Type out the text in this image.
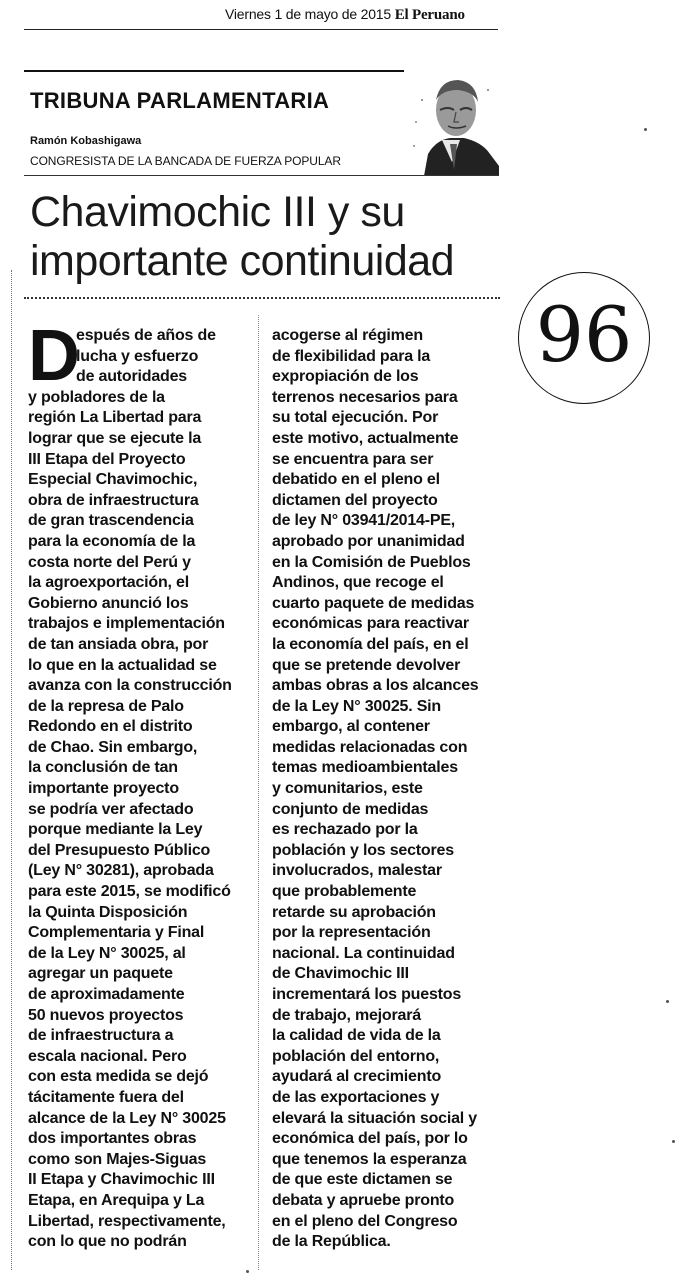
Viernes 1 de mayo de 2015 El Peruano
TRIBUNA PARLAMENTARIA
Ramón Kobashigawa
CONGRESISTA DE LA BANCADA DE FUERZA POPULAR
Chavimochic III y su
importante continuidad
D
espués de años de
lucha y esfuerzo
de autoridades
y pobladores de la
región La Libertad para
lograr que se ejecute la
III Etapa del Proyecto
Especial Chavimochic,
obra de infraestructura
de gran trascendencia
para la economía de la
costa norte del Perú y
la agroexportación, el
Gobierno anunció los
trabajos e implementación
de tan ansiada obra, por
lo que en la actualidad se
avanza con la construcción
de la represa de Palo
Redondo en el distrito
de Chao. Sin embargo,
la conclusión de tan
importante proyecto
se podría ver afectado
porque mediante la Ley
del Presupuesto Público
(Ley N° 30281), aprobada
para este 2015, se modificó
la Quinta Disposición
Complementaria y Final
de la Ley N° 30025, al
agregar un paquete
de aproximadamente
50 nuevos proyectos
de infraestructura a
escala nacional. Pero
con esta medida se dejó
tácitamente fuera del
alcance de la Ley N° 30025
dos importantes obras
como son Majes-Siguas
II Etapa y Chavimochic III
Etapa, en Arequipa y La
Libertad, respectivamente,
con lo que no podrán
acogerse al régimen
de flexibilidad para la
expropiación de los
terrenos necesarios para
su total ejecución. Por
este motivo, actualmente
se encuentra para ser
debatido en el pleno el
dictamen del proyecto
de ley N° 03941/2014-PE,
aprobado por unanimidad
en la Comisión de Pueblos
Andinos, que recoge el
cuarto paquete de medidas
económicas para reactivar
la economía del país, en el
que se pretende devolver
ambas obras a los alcances
de la Ley N° 30025. Sin
embargo, al contener
medidas relacionadas con
temas medioambientales
y comunitarios, este
conjunto de medidas
es rechazado por la
población y los sectores
involucrados, malestar
que probablemente
retarde su aprobación
por la representación
nacional. La continuidad
de Chavimochic III
incrementará los puestos
de trabajo, mejorará
la calidad de vida de la
población del entorno,
ayudará al crecimiento
de las exportaciones y
elevará la situación social y
económica del país, por lo
que tenemos la esperanza
de que este dictamen se
debata y apruebe pronto
en el pleno del Congreso
de la República.
96
